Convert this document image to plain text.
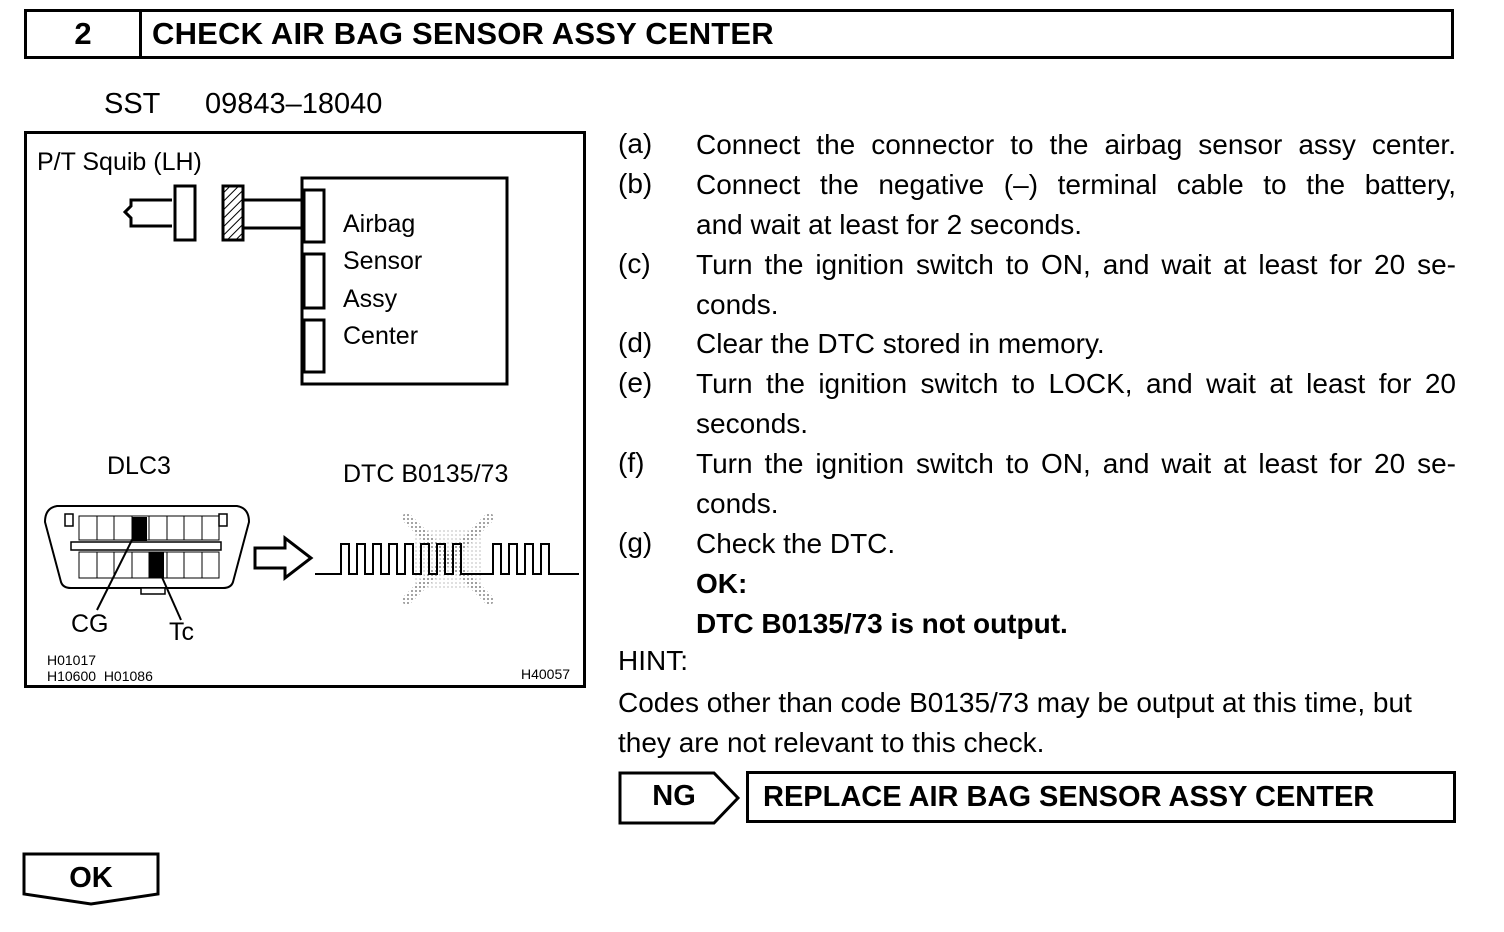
2	CHECK AIR BAG SENSOR ASSY CENTER
SST 09843–18040
P/T Squib (LH)
Airbag
Sensor
Assy
Center
DLC3	DTC B0135/73
CG Tc
H01017
H10600  H01086	H40057
(a) Connect the connector to the airbag sensor assy center.
(b) Connect the negative (–) terminal cable to the battery,
and wait at least for 2 seconds.
(c) Turn the ignition switch to ON, and wait at least for 20 se-
conds.
(d) Clear the DTC stored in memory.
(e) Turn the ignition switch to LOCK, and wait at least for 20
seconds.
(f) Turn the ignition switch to ON, and wait at least for 20 se-
conds.
(g) Check the DTC.
OK:
DTC B0135/73 is not output.
HINT:
Codes other than code B0135/73 may be output at this time, but they are not relevant to this check.
NG	REPLACE AIR BAG SENSOR ASSY CENTER
OK
